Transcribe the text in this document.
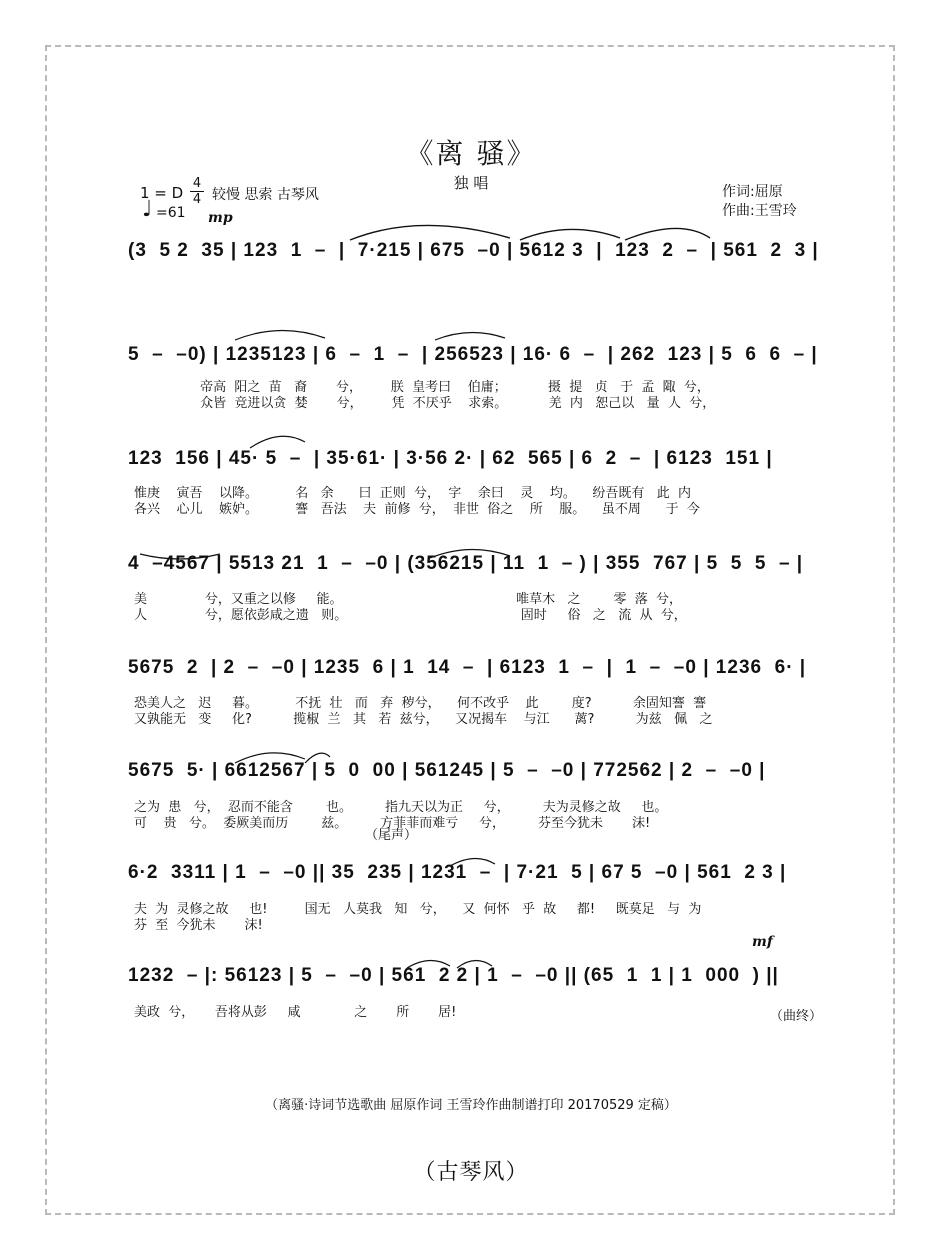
《离 骚》
独 唱
1 = D
4
4 较慢 思索 古琴风
♩ =61 mp
作词:屈原
作曲:王雪玲
(3  5 2  35 | 123  1  –  |  7·215 | 675  –0 | 5612 3  |  123  2  –  | 561  2  3 |
5  –  –0) | 1235123 | 6  –  1  –  | 256523 | 16· 6  –  | 262  123 | 5  6  6  – |
帝高  阳之  苗   裔       兮，       朕  皇考曰    伯庸；          摄  提   贞   于  孟  陬  兮，
众皆  竞进以贪  婪       兮，       凭  不厌乎    求索。          羌  内   恕己以   量  人  兮，
123  156 | 45· 5  –  | 35·61· | 3·56 2· | 62  565 | 6  2  –  | 6123  151 |
惟庚    寅吾    以降。         名   余      曰  正则  兮，  字    余曰    灵    均。    纷吾既有   此  内
各兴    心儿    嫉妒。         謇   吾法    夫  前修  兮，  非世  俗之    所    服。    虽不周      于  今
4  –4567 | 5513 21  1  –  –0 | (356215 | 11  1  – ) | 355  767 | 5  5  5  – |
美              兮，又重之以修     能。                                          唯草木   之        零  落  兮，
人              兮，愿依彭咸之遗   则。                                          固时     俗   之   流  从  兮，
5675  2  | 2  –  –0 | 1235  6 | 1  14  –  | 6123  1  –  |  1  –  –0 | 1236  6· |
恐美人之   迟     暮。         不抚  壮   而   弃  秽兮，    何不改乎    此        度?          余固知謇  謇
又孰能无   变     化?          揽椒  兰   其   若  兹兮，    又况揭车    与江      蓠?          为兹   佩   之
5675  5· | 6612567 | 5  0  00 | 561245 | 5  –  –0 | 772562 | 2  –  –0 |
之为  患   兮，  忍而不能含        也。        指九天以为正     兮，        夫为灵修之故     也。
可    贵   兮。  委厥美而历        兹。        方菲菲而难亏     兮，        芬至今犹未       沫!
（尾声）
6·2  3311 | 1  –  –0 || 35  235 | 1231  –  | 7·21  5 | 67 5  –0 | 561  2 3 |
夫  为  灵修之故     也!         国无   人莫我   知   兮，    又  何怀   乎  故     都!     既莫足   与  为
芬  至  今犹未       沫!
mf
1232  – |: 56123 | 5  –  –0 | 561  2 2 | 1  –  –0 || (65  1  1 | 1  000  ) ||
美政  兮，     吾将从彭     咸             之       所       居!	（曲终）
（离骚·诗词节选歌曲 屈原作词 王雪玲作曲制谱打印 20170529 定稿）
（古琴风）
